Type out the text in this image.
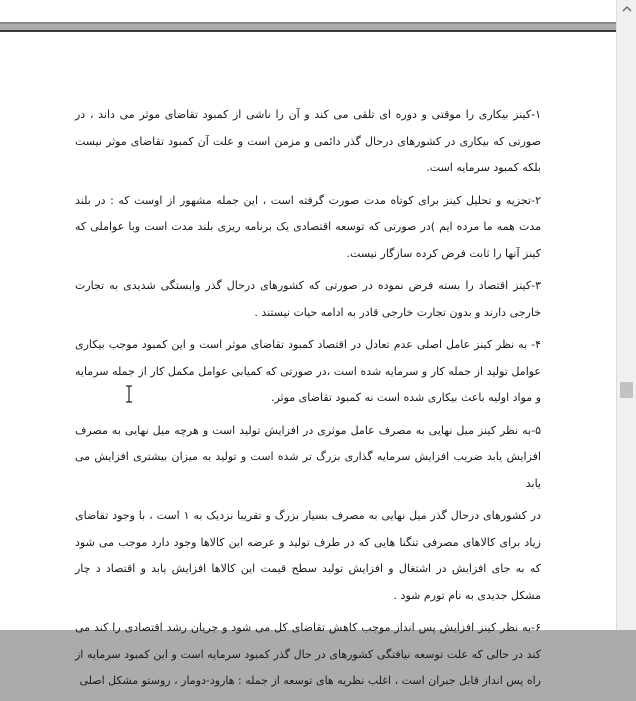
۱-کینز بیکاری را موقتی و دوره ای تلقی می کند و آن را ناشی از کمبود تقاضای موثر می داند ، در صورتی که بیکاری در کشورهای درحال گذر دائمی و مزمن است و علت آن کمبود تقاضای موثر نیست بلکه کمبود سرمایه است.

۲-تجزیه و تحلیل کینز برای کوتاه مدت صورت گرفته است ، این جمله مشهور از اوست که : در بلند مدت همه ما مرده ایم )در صورتی که توسعه اقتصادی یک برنامه ریزی بلند مدت است وبا عواملی که کینز آنها را ثابت فرض کرده سازگار نیست.

۳-کینز اقتصاد را بسته فرض نموده در صورتی که کشورهای درحال گذر وابستگی شدیدی به تجارت خارجی دارند و بدون تجارت خارجی قادر به ادامه حیات نیستند .

۴- به نظر کینز عامل اصلی عدم تعادل در اقتصاد کمبود تقاضای موثر است و این کمبود موجب بیکاری عوامل تولید از جمله کار و سرمایه شده است ،در صورتی که کمیابی عوامل مکمل کار از جمله سرمایه و مواد اولیه باعث بیکاری شده است نه کمبود تقاضای موثر.

۵-به نظر کینز میل نهایی به مصرف عامل موثری در افزایش تولید است و هرچه میل نهایی به مصرف افزایش یابد ضریب افزایش سرمایه گذاری بزرگ تر شده است و تولید به میزان بیشتری افزایش می یابد

در کشورهای درحال گذر میل نهایی به مصرف بسیار بزرگ و تقریبا نزدیک به ۱ است ، با وجود تقاضای زیاد برای کالاهای مصرفی تنگنا هایی که در طرف تولید و عرضه این کالاها وجود دارد موجب می شود که به جای افزایش در اشتغال و افزایش تولید سطح قیمت این کالاها افزایش یابد و اقتصاد د چار مشکل جدیدی به نام تورم شود .

۶-به نظر کینز افزایش پس انداز موجب کاهش تقاضای کل می شود و جریان رشد اقتصادی را کند می کند در حالی که علت توسعه نیافتگی کشورهای در حال گذر کمبود سرمایه است و این کمبود سرمایه از راه پس انداز قابل جبران است ، اغلب نظریه های توسعه از جمله : هارود-دومار ، روستو مشکل اصلی
